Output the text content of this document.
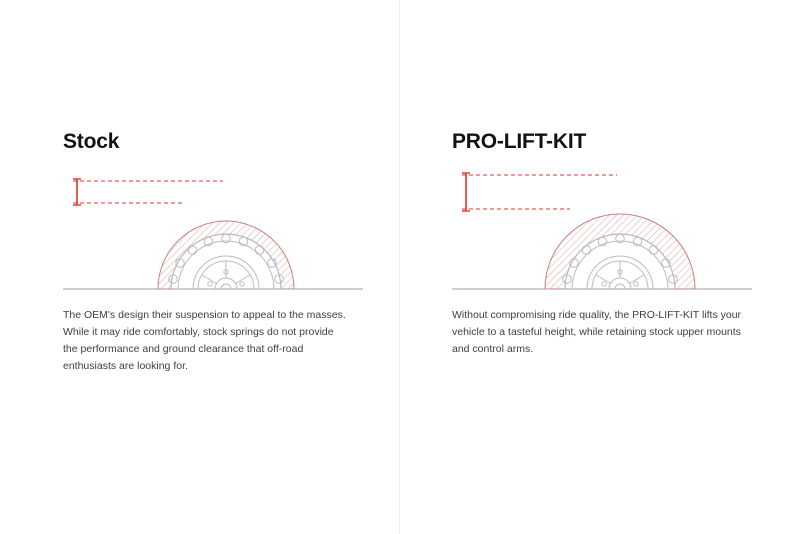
Stock

The OEM's design their suspension to appeal to the masses. While it may ride comfortably, stock springs do not provide the performance and ground clearance that off-road enthusiasts are looking for.

PRO-LIFT-KIT

Without compromising ride quality, the PRO-LIFT-KIT lifts your vehicle to a tasteful height, while retaining stock upper mounts and control arms.
